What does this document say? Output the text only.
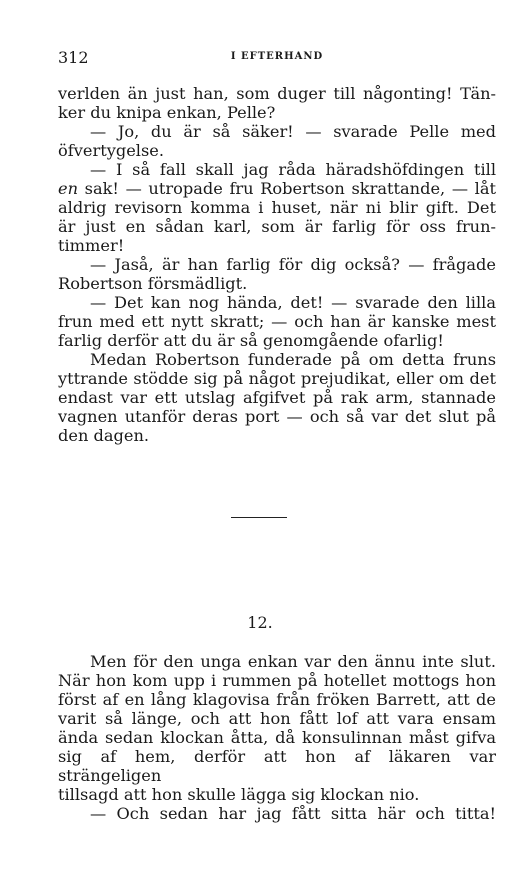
312	I EFTERHAND
verlden än just han, som duger till någonting! Tän-
ker du knipa enkan, Pelle?
— Jo, du är så säker! — svarade Pelle med
öfvertygelse.
— I så fall skall jag råda häradshöfdingen till
en sak! — utropade fru Robertson skrattande, — låt
aldrig revisorn komma i huset, när ni blir gift. Det
är just en sådan karl, som är farlig för oss frun-
timmer!
— Jaså, är han farlig för dig också? — frågade
Robertson försmädligt.
— Det kan nog hända, det! — svarade den lilla
frun med ett nytt skratt; — och han är kanske mest
farlig derför att du är så genomgående ofarlig!
Medan Robertson funderade på om detta fruns
yttrande stödde sig på något prejudikat, eller om det
endast var ett utslag afgifvet på rak arm, stannade
vagnen utanför deras port — och så var det slut på
den dagen.
12.
Men för den unga enkan var den ännu inte slut.
När hon kom upp i rummen på hotellet mottogs hon
först af en lång klagovisa från fröken Barrett, att de
varit så länge, och att hon fått lof att vara ensam
ända sedan klockan åtta, då konsulinnan måst gifva
sig af hem, derför att hon af läkaren var strängeligen
tillsagd att hon skulle lägga sig klockan nio.
— Och sedan har jag fått sitta här och titta!
